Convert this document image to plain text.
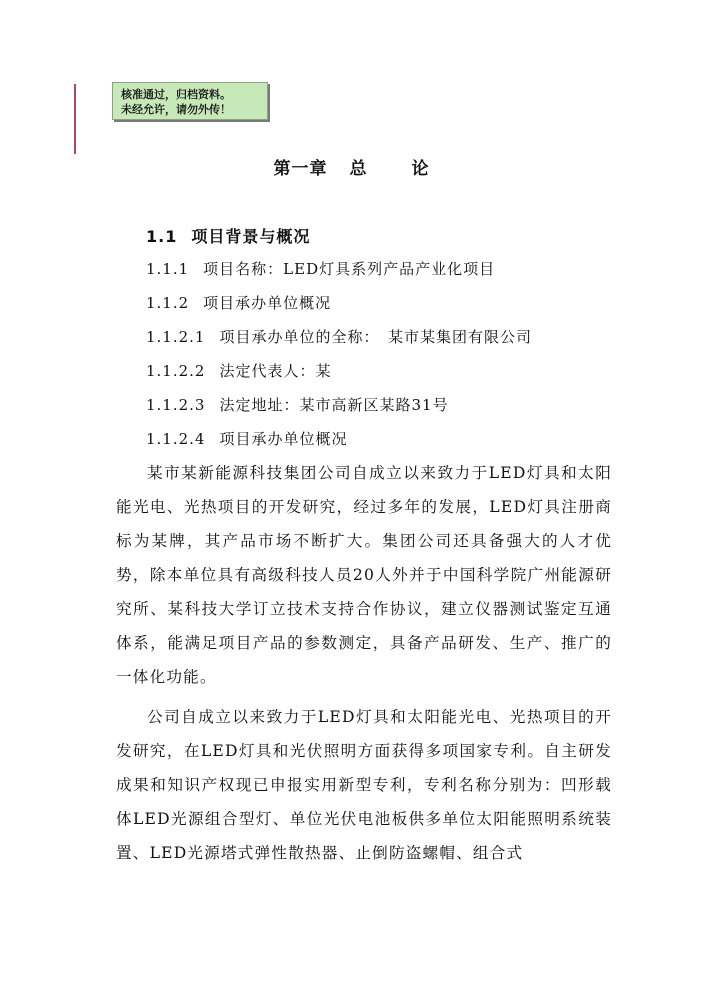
核准通过，归档资料。
未经允许，请勿外传！
第一章 总	论
1.1 项目背景与概况
1.1.1 项目名称：LED灯具系列产品产业化项目
1.1.2 项目承办单位概况
1.1.2.1 项目承办单位的全称：　某市某集团有限公司
1.1.2.2 法定代表人：某
1.1.2.3 法定地址：某市高新区某路31号
1.1.2.4 项目承办单位概况
某市某新能源科技集团公司自成立以来致力于LED灯具和太阳能光电、光热项目的开发研究，经过多年的发展，LED灯具注册商标为某牌，其产品市场不断扩大。集团公司还具备强大的人才优势，除本单位具有高级科技人员20人外并于中国科学院广州能源研究所、某科技大学订立技术支持合作协议，建立仪器测试鉴定互通体系，能满足项目产品的参数测定，具备产品研发、生产、推广的一体化功能。
公司自成立以来致力于LED灯具和太阳能光电、光热项目的开发研究，在LED灯具和光伏照明方面获得多项国家专利。自主研发成果和知识产权现已申报实用新型专利，专利名称分别为：凹形载体LED光源组合型灯、单位光伏电池板供多单位太阳能照明系统装置、LED光源塔式弹性散热器、止倒防盗螺帽、组合式
